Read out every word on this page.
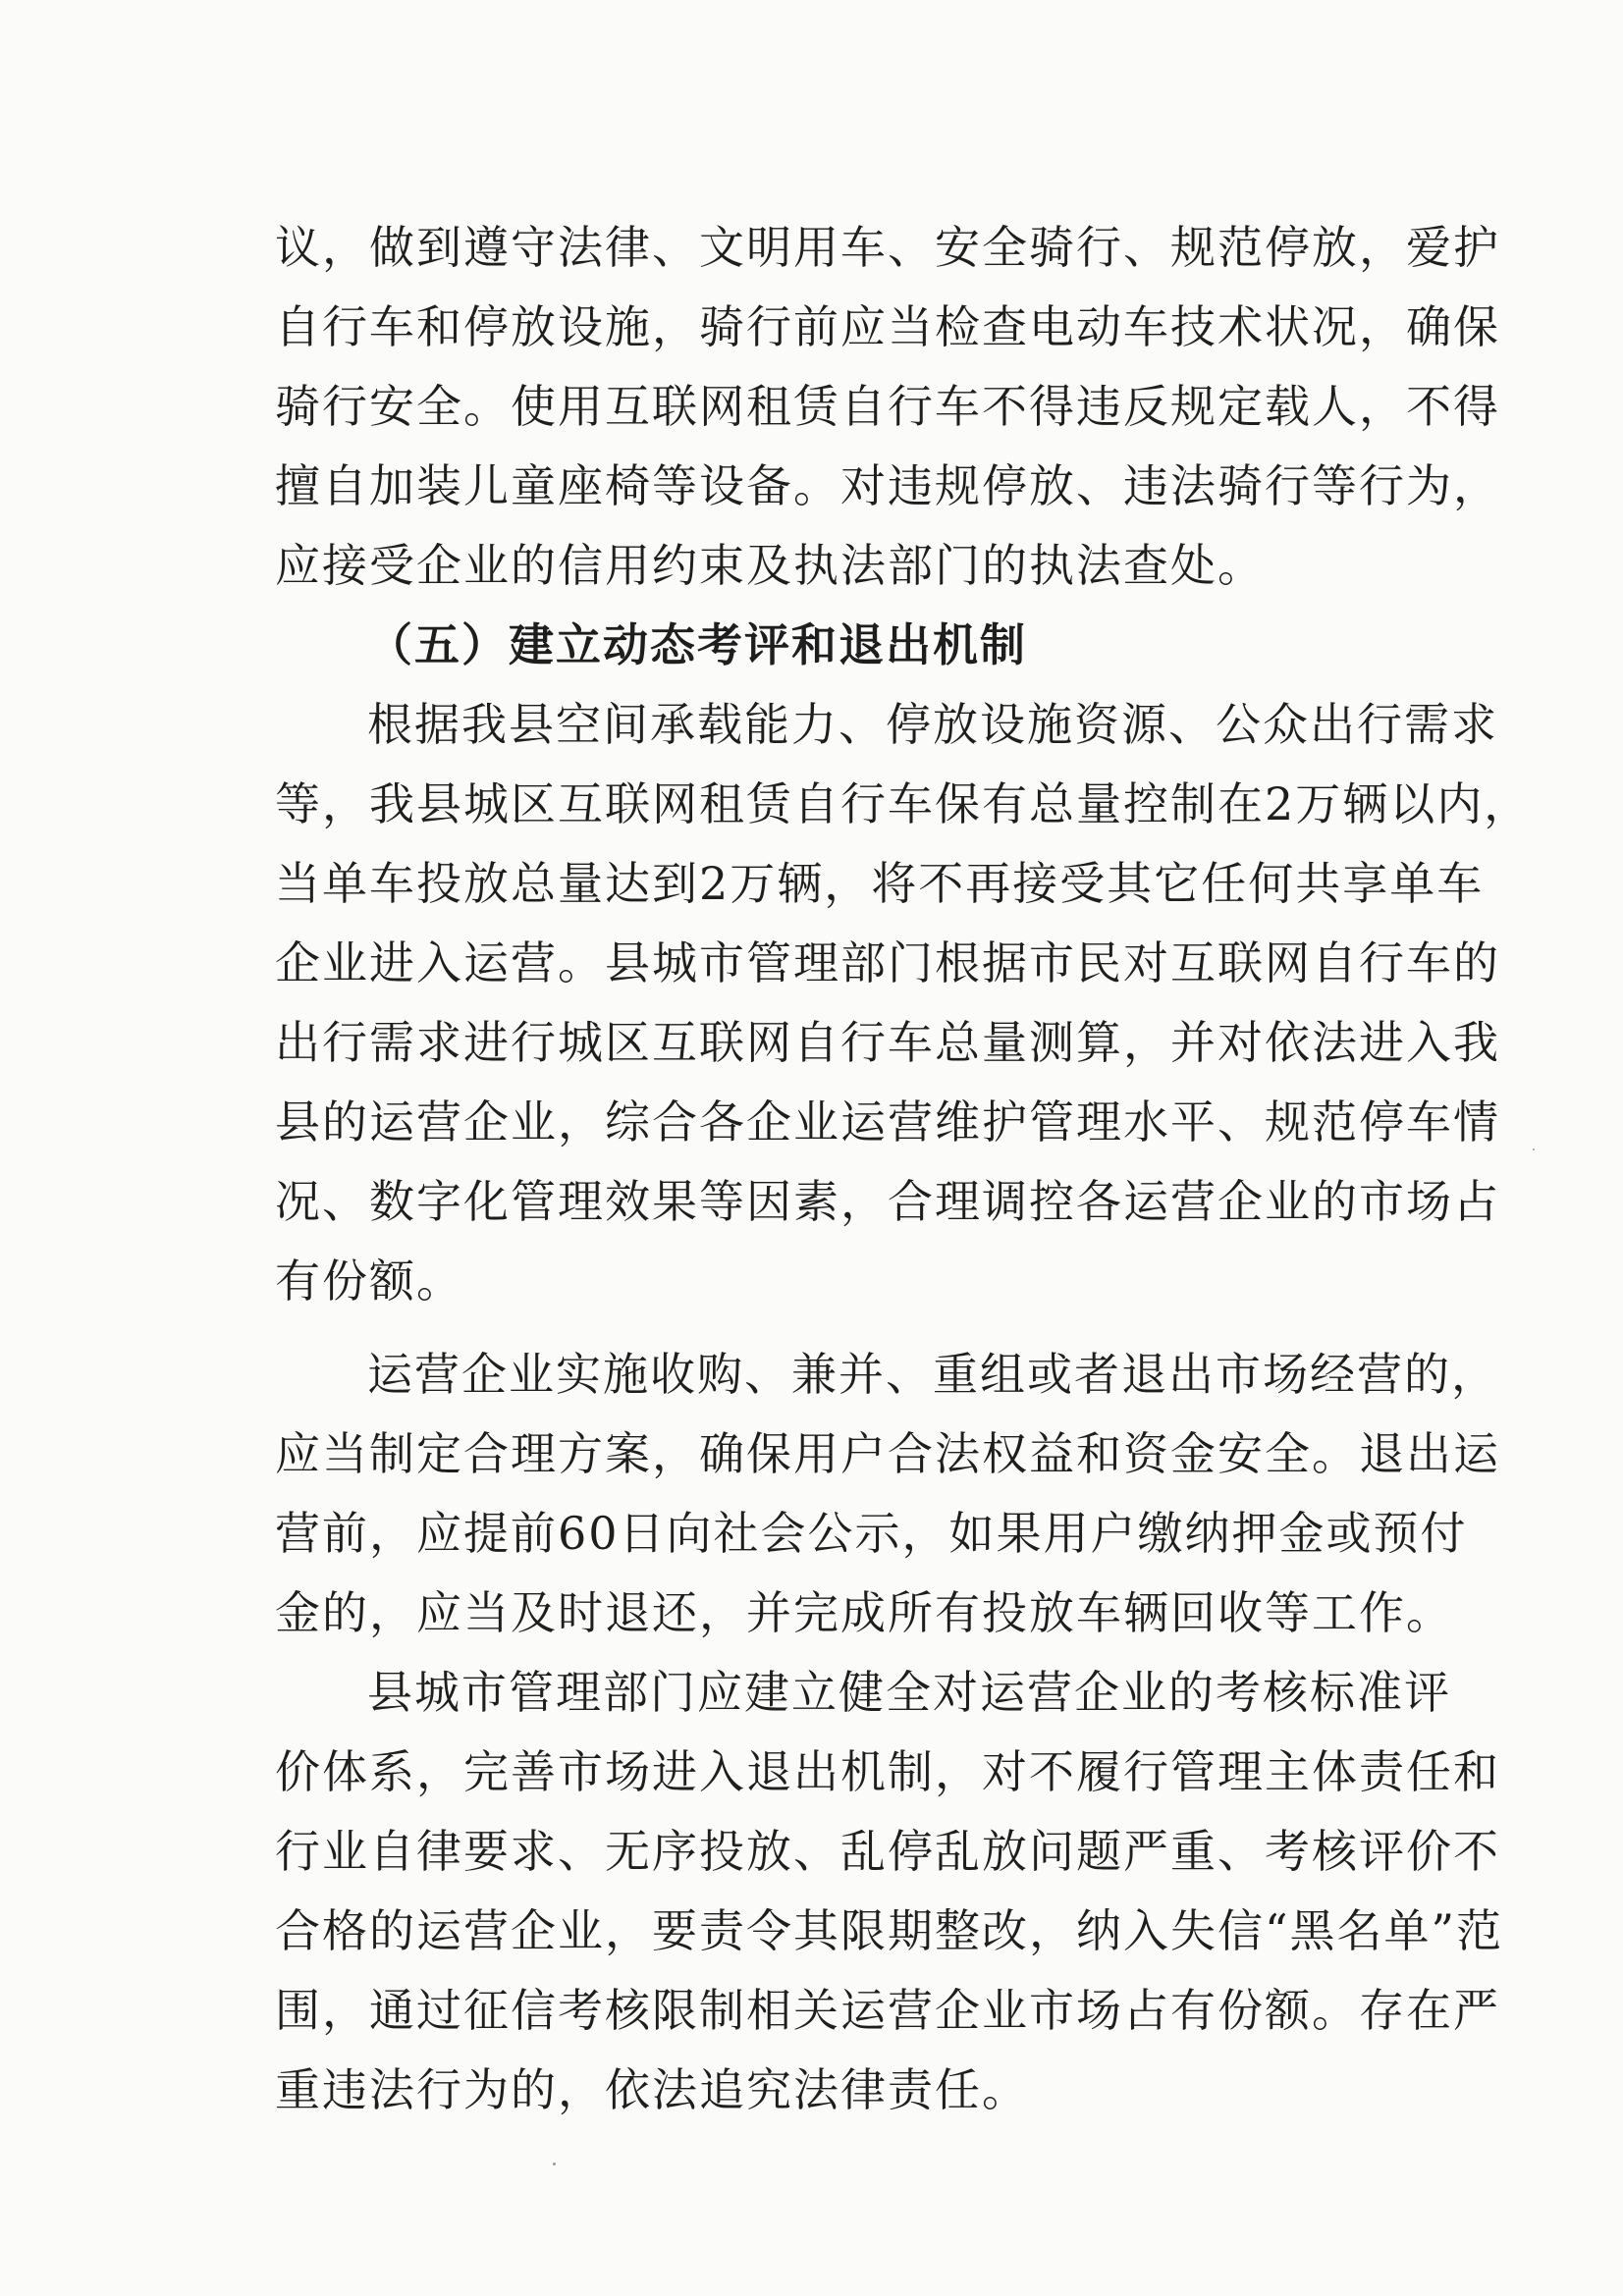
议，做到遵守法律、文明用车、安全骑行、规范停放，爱护
自行车和停放设施，骑行前应当检查电动车技术状况，确保
骑行安全。使用互联网租赁自行车不得违反规定载人，不得
擅自加装儿童座椅等设备。对违规停放、违法骑行等行为，
应接受企业的信用约束及执法部门的执法查处。
（五）建立动态考评和退出机制
根据我县空间承载能力、停放设施资源、公众出行需求
等，我县城区互联网租赁自行车保有总量控制在2万辆以内，
当单车投放总量达到2万辆，将不再接受其它任何共享单车
企业进入运营。县城市管理部门根据市民对互联网自行车的
出行需求进行城区互联网自行车总量测算，并对依法进入我
县的运营企业，综合各企业运营维护管理水平、规范停车情
况、数字化管理效果等因素，合理调控各运营企业的市场占
有份额。
运营企业实施收购、兼并、重组或者退出市场经营的，
应当制定合理方案，确保用户合法权益和资金安全。退出运
营前，应提前60日向社会公示，如果用户缴纳押金或预付
金的，应当及时退还，并完成所有投放车辆回收等工作。
县城市管理部门应建立健全对运营企业的考核标准评
价体系，完善市场进入退出机制，对不履行管理主体责任和
行业自律要求、无序投放、乱停乱放问题严重、考核评价不
合格的运营企业，要责令其限期整改，纳入失信“黑名单”范
围，通过征信考核限制相关运营企业市场占有份额。存在严
重违法行为的，依法追究法律责任。
